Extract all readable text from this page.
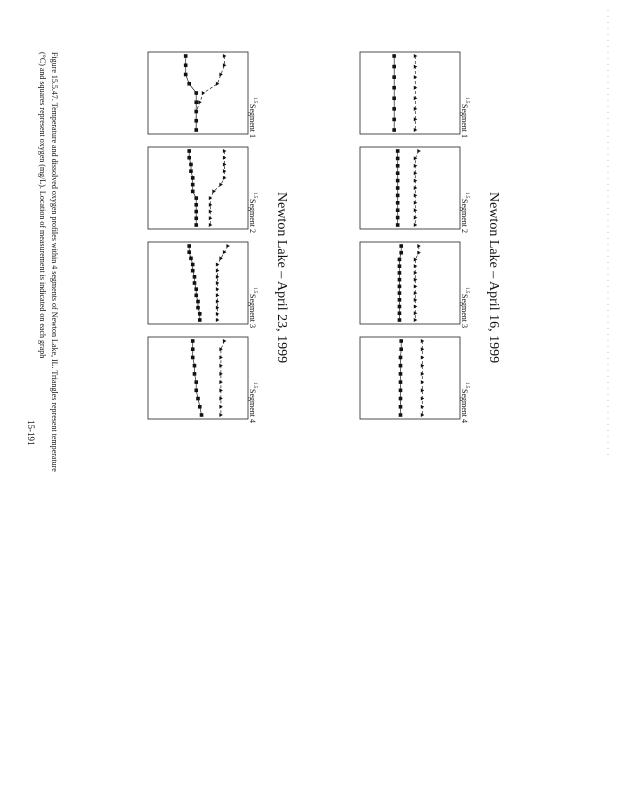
Newton Lake – April 16, 1999
Newton Lake – April 23, 1999
Segment 1
1.5
Segment 2
1.5
Segment 3
1.5
Segment 4
1.5
Segment 1
1.5
Segment 2
1.5
Segment 3
1.5
Segment 4
1.5
Figure 15.5.47. Temperature and dissolved oxygen profiles within 4 segments of Newton Lake, IL. Triangles represent temperature
(°C) and squares represent oxygen (mg/L). Location of measurement is indicated on each graph
15-191
